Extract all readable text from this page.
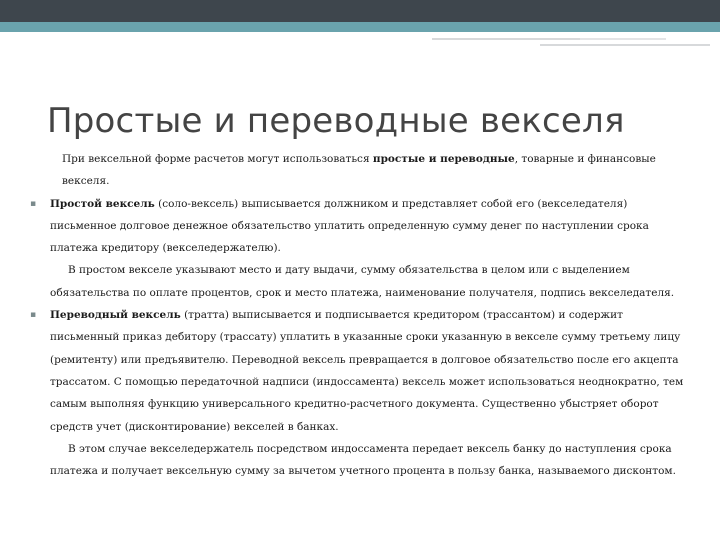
Простые и переводные векселя

При вексельной форме расчетов могут использоваться простые и переводные, товарные и финансовые векселя.

▪ Простой вексель (соло-вексель) выписывается должником и представляет собой его (векселедателя) письменное долговое денежное обязательство уплатить определенную сумму денег по наступлении срока платежа кредитору (векселедержателю).

В простом векселе указывают место и дату выдачи, сумму обязательства в целом или с выделением обязательства по оплате процентов, срок и место платежа, наименование получателя, подпись векселедателя.

▪ Переводный вексель (тратта) выписывается и подписывается кредитором (трассантом) и содержит письменный приказ дебитору (трассату) уплатить в указанные сроки указанную в векселе сумму третьему лицу (ремитенту) или предъявителю. Переводной вексель превращается в долговое обязательство после его акцепта трассатом. С помощью передаточной надписи (индоссамента) вексель может использоваться неоднократно, тем самым выполняя функцию универсального кредитно-расчетного документа. Существенно убыстряет оборот средств учет (дисконтирование) векселей в банках.

В этом случае векселедержатель посредством индоссамента передает вексель банку до наступления срока платежа и получает вексельную сумму за вычетом учетного процента в пользу банка, называемого дисконтом.
